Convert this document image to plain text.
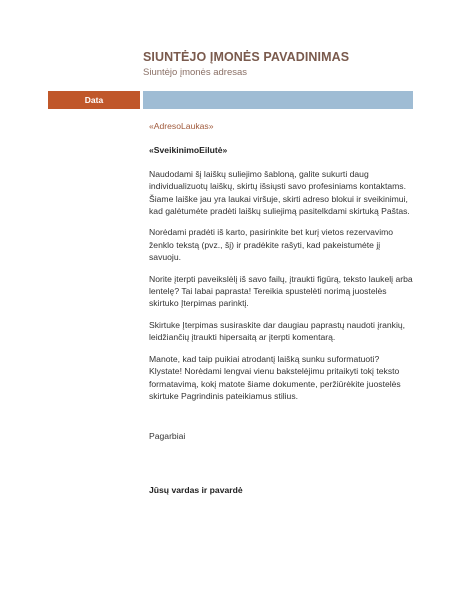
SIUNTĖJO ĮMONĖS PAVADINIMAS
Siuntėjo įmonės adresas
Data

«AdresoLaukas»

«SveikinimoEilutė»

Naudodami šį laiškų suliejimo šabloną, galite sukurti daug individualizuotų laiškų, skirtų išsiųsti savo profesiniams kontaktams. Šiame laiške jau yra laukai viršuje, skirti adreso blokui ir sveikinimui, kad galėtumėte pradėti laiškų suliejimą pasitelkdami skirtuką Paštas.

Norėdami pradėti iš karto, pasirinkite bet kurį vietos rezervavimo ženklo tekstą (pvz., šį) ir pradėkite rašyti, kad pakeistumėte jį savuoju.

Norite įterpti paveikslėlį iš savo failų, įtraukti figūrą, teksto laukelį arba lentelę? Tai labai paprasta! Tereikia spustelėti norimą juostelės skirtuko Įterpimas parinktį.

Skirtuke Įterpimas susiraskite dar daugiau paprastų naudoti įrankių, leidžiančių įtraukti hipersaitą ar įterpti komentarą.

Manote, kad taip puikiai atrodantį laišką sunku suformatuoti? Klystate! Norėdami lengvai vienu bakstelėjimu pritaikyti tokį teksto formatavimą, kokį matote šiame dokumente, peržiūrėkite juostelės skirtuke Pagrindinis pateikiamus stilius.

Pagarbiai
Jūsų vardas ir pavardė
